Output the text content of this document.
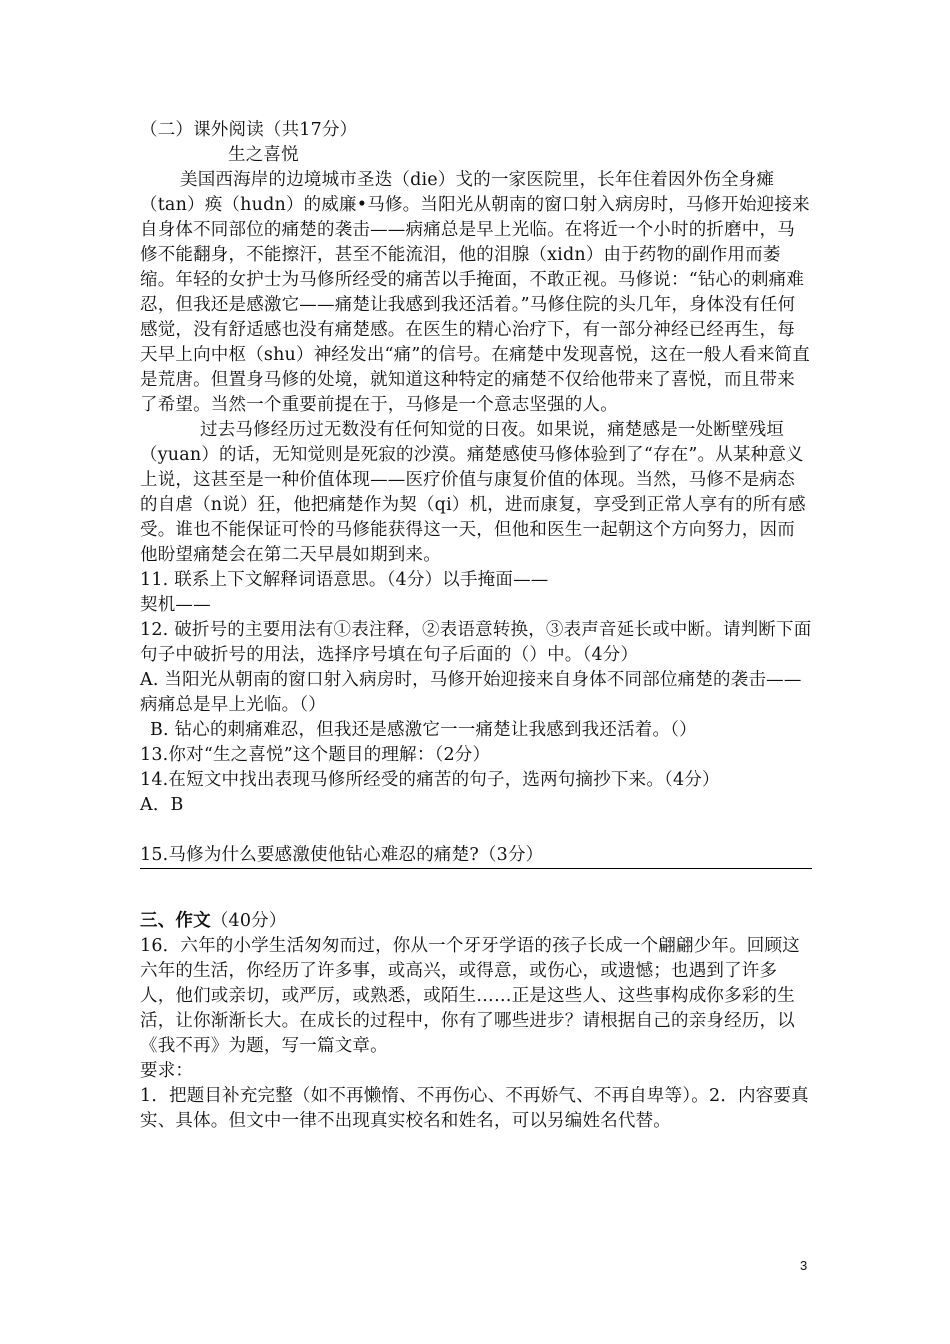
（二）课外阅读（共17分）

生之喜悦

美国西海岸的边境城市圣迭（die）戈的一家医院里，长年住着因外伤全身瘫（tan）痪（hudn）的威廉•马修。当阳光从朝南的窗口射入病房时，马修开始迎接来自身体不同部位的痛楚的袭击——病痛总是早上光临。在将近一个小时的折磨中，马修不能翻身，不能擦汗，甚至不能流泪，他的泪腺（xidn）由于药物的副作用而萎缩。年轻的女护士为马修所经受的痛苦以手掩面，不敢正视。马修说：“钻心的刺痛难忍，但我还是感激它——痛楚让我感到我还活着。”马修住院的头几年，身体没有任何感觉，没有舒适感也没有痛楚感。在医生的精心治疗下，有一部分神经已经再生，每天早上向中枢（shu）神经发出“痛”的信号。在痛楚中发现喜悦，这在一般人看来简直是荒唐。但置身马修的处境，就知道这种特定的痛楚不仅给他带来了喜悦，而且带来了希望。当然一个重要前提在于，马修是一个意志坚强的人。

过去马修经历过无数没有任何知觉的日夜。如果说，痛楚感是一处断壁残垣（yuan）的话，无知觉则是死寂的沙漠。痛楚感使马修体验到了“存在”。从某种意义上说，这甚至是一种价值体现——医疗价值与康复价值的体现。当然，马修不是病态的自虐（n说）狂，他把痛楚作为契（qi）机，进而康复，享受到正常人享有的所有感受。谁也不能保证可怜的马修能获得这一天，但他和医生一起朝这个方向努力，因而他盼望痛楚会在第二天早晨如期到来。

11. 联系上下文解释词语意思。（4分）以手掩面——

契机——

12. 破折号的主要用法有①表注释，②表语意转换，③表声音延长或中断。请判断下面句子中破折号的用法，选择序号填在句子后面的（）中。（4分）

A. 当阳光从朝南的窗口射入病房时，马修开始迎接来自身体不同部位痛楚的袭击——病痛总是早上光临。（）

B. 钻心的刺痛难忍，但我还是感激它一一痛楚让我感到我还活着。（）

13.你对“生之喜悦”这个题目的理解：（2分）

14.在短文中找出表现马修所经受的痛苦的句子，选两句摘抄下来。（4分）

A．B

15.马修为什么要感激使他钻心难忍的痛楚?（3分）

三、作文（40分）

16．六年的小学生活匆匆而过，你从一个牙牙学语的孩子长成一个翩翩少年。回顾这六年的生活，你经历了许多事，或高兴，或得意，或伤心，或遗憾；也遇到了许多人，他们或亲切，或严厉，或熟悉，或陌生……正是这些人、这些事构成你多彩的生活，让你渐渐长大。在成长的过程中，你有了哪些进步？请根据自己的亲身经历，以《我不再》为题，写一篇文章。

要求：

1．把题目补充完整（如不再懒惰、不再伤心、不再娇气、不再自卑等）。2．内容要真实、具体。但文中一律不出现真实校名和姓名，可以另编姓名代替。

3
